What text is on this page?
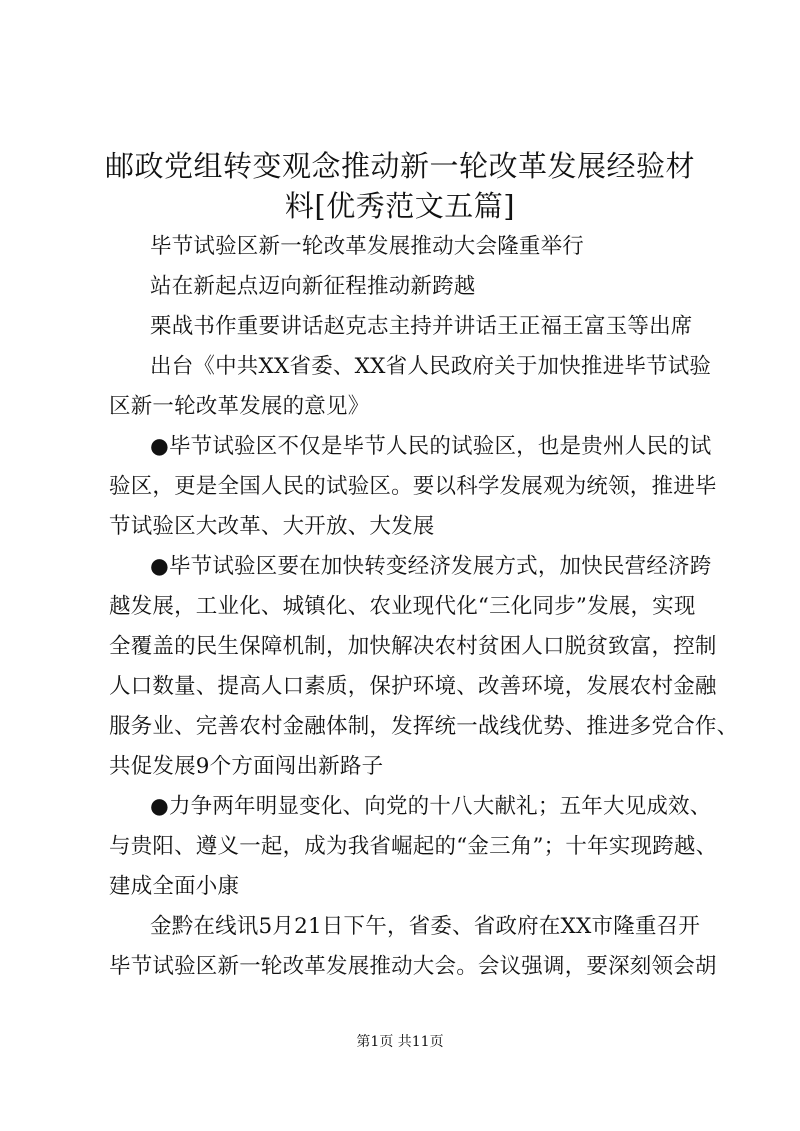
邮政党组转变观念推动新一轮改革发展经验材
料[优秀范文五篇]

毕节试验区新一轮改革发展推动大会隆重举行

站在新起点迈向新征程推动新跨越

栗战书作重要讲话赵克志主持并讲话王正福王富玉等出席

出台《中共XX省委、XX省人民政府关于加快推进毕节试验

区新一轮改革发展的意见》

●毕节试验区不仅是毕节人民的试验区，也是贵州人民的试

验区，更是全国人民的试验区。要以科学发展观为统领，推进毕

节试验区大改革、大开放、大发展

●毕节试验区要在加快转变经济发展方式，加快民营经济跨

越发展，工业化、城镇化、农业现代化“三化同步”发展，实现

全覆盖的民生保障机制，加快解决农村贫困人口脱贫致富，控制

人口数量、提高人口素质，保护环境、改善环境，发展农村金融

服务业、完善农村金融体制，发挥统一战线优势、推进多党合作、

共促发展9个方面闯出新路子

●力争两年明显变化、向党的十八大献礼；五年大见成效、

与贵阳、遵义一起，成为我省崛起的“金三角”；十年实现跨越、

建成全面小康

金黔在线讯5月21日下午，省委、省政府在XX市隆重召开

毕节试验区新一轮改革发展推动大会。会议强调，要深刻领会胡

第1页 共11页
